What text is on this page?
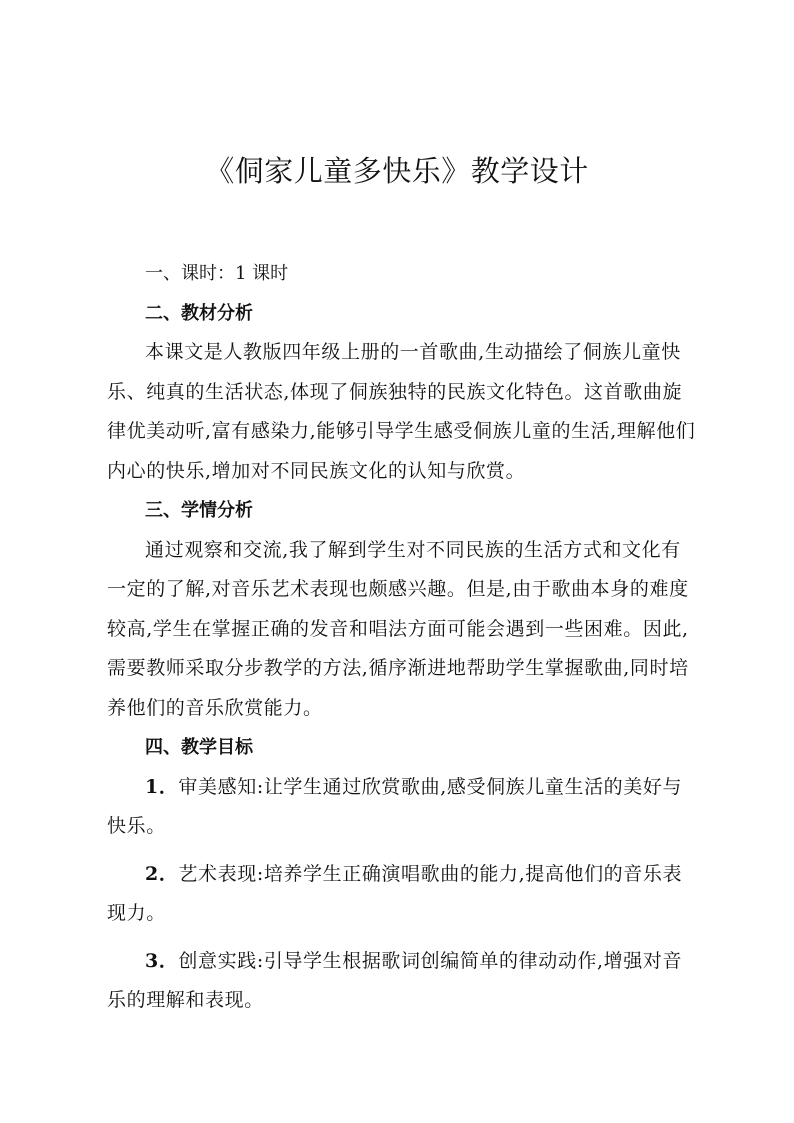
《侗家儿童多快乐》教学设计

一、课时：1 课时

二、教材分析

本课文是人教版四年级上册的一首歌曲,生动描绘了侗族儿童快乐、纯真的生活状态,体现了侗族独特的民族文化特色。这首歌曲旋律优美动听,富有感染力,能够引导学生感受侗族儿童的生活,理解他们内心的快乐,增加对不同民族文化的认知与欣赏。

三、学情分析

通过观察和交流,我了解到学生对不同民族的生活方式和文化有一定的了解,对音乐艺术表现也颇感兴趣。但是,由于歌曲本身的难度较高,学生在掌握正确的发音和唱法方面可能会遇到一些困难。因此,需要教师采取分步教学的方法,循序渐进地帮助学生掌握歌曲,同时培养他们的音乐欣赏能力。

四、教学目标

1．审美感知:让学生通过欣赏歌曲,感受侗族儿童生活的美好与快乐。

2．艺术表现:培养学生正确演唱歌曲的能力,提高他们的音乐表现力。

3．创意实践:引导学生根据歌词创编简单的律动动作,增强对音乐的理解和表现。
